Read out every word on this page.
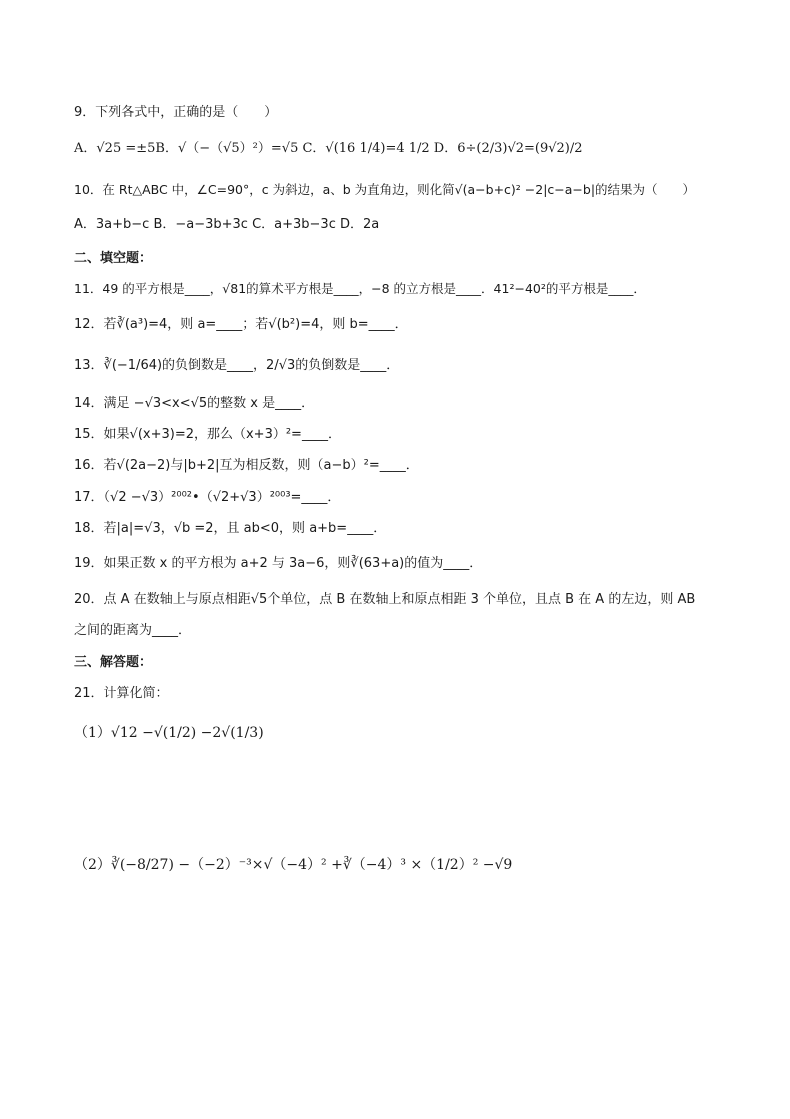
9．下列各式中，正确的是（　　）
A．√25 =±5B．√（−（√5）²）=√5 C．√(16 1/4)=4 1/2 D．6÷(2/3)√2=(9√2)/2
10．在 Rt△ABC 中，∠C=90°，c 为斜边，a、b 为直角边，则化简√(a−b+c)² −2|c−a−b|的结果为（　　）
A．3a+b−c B．−a−3b+3c C．a+3b−3c D．2a
二、填空题：
11．49 的平方根是____，√81的算术平方根是____，−8 的立方根是____．41²−40²的平方根是____．
12．若∛(a³)=4，则 a=____；若√(b²)=4，则 b=____．
13．∛(−1/64)的负倒数是____，2/√3的负倒数是____．
14．满足 −√3<x<√5的整数 x 是____．
15．如果√(x+3)=2，那么（x+3）²=____．
16．若√(2a−2)与|b+2|互为相反数，则（a−b）²=____．
17．（√2 −√3）²⁰⁰²•（√2+√3）²⁰⁰³=____．
18．若|a|=√3，√b =2，且 ab<0，则 a+b=____．
19．如果正数 x 的平方根为 a+2 与 3a−6，则∛(63+a)的值为____．
20．点 A 在数轴上与原点相距√5个单位，点 B 在数轴上和原点相距 3 个单位，且点 B 在 A 的左边，则 AB
之间的距离为____．
三、解答题：
21．计算化简：
（1）√12 −√(1/2) −2√(1/3)
（2）∛(−8/27) −（−2）⁻³×√（−4）² +∛（−4）³ ×（1/2）² −√9
